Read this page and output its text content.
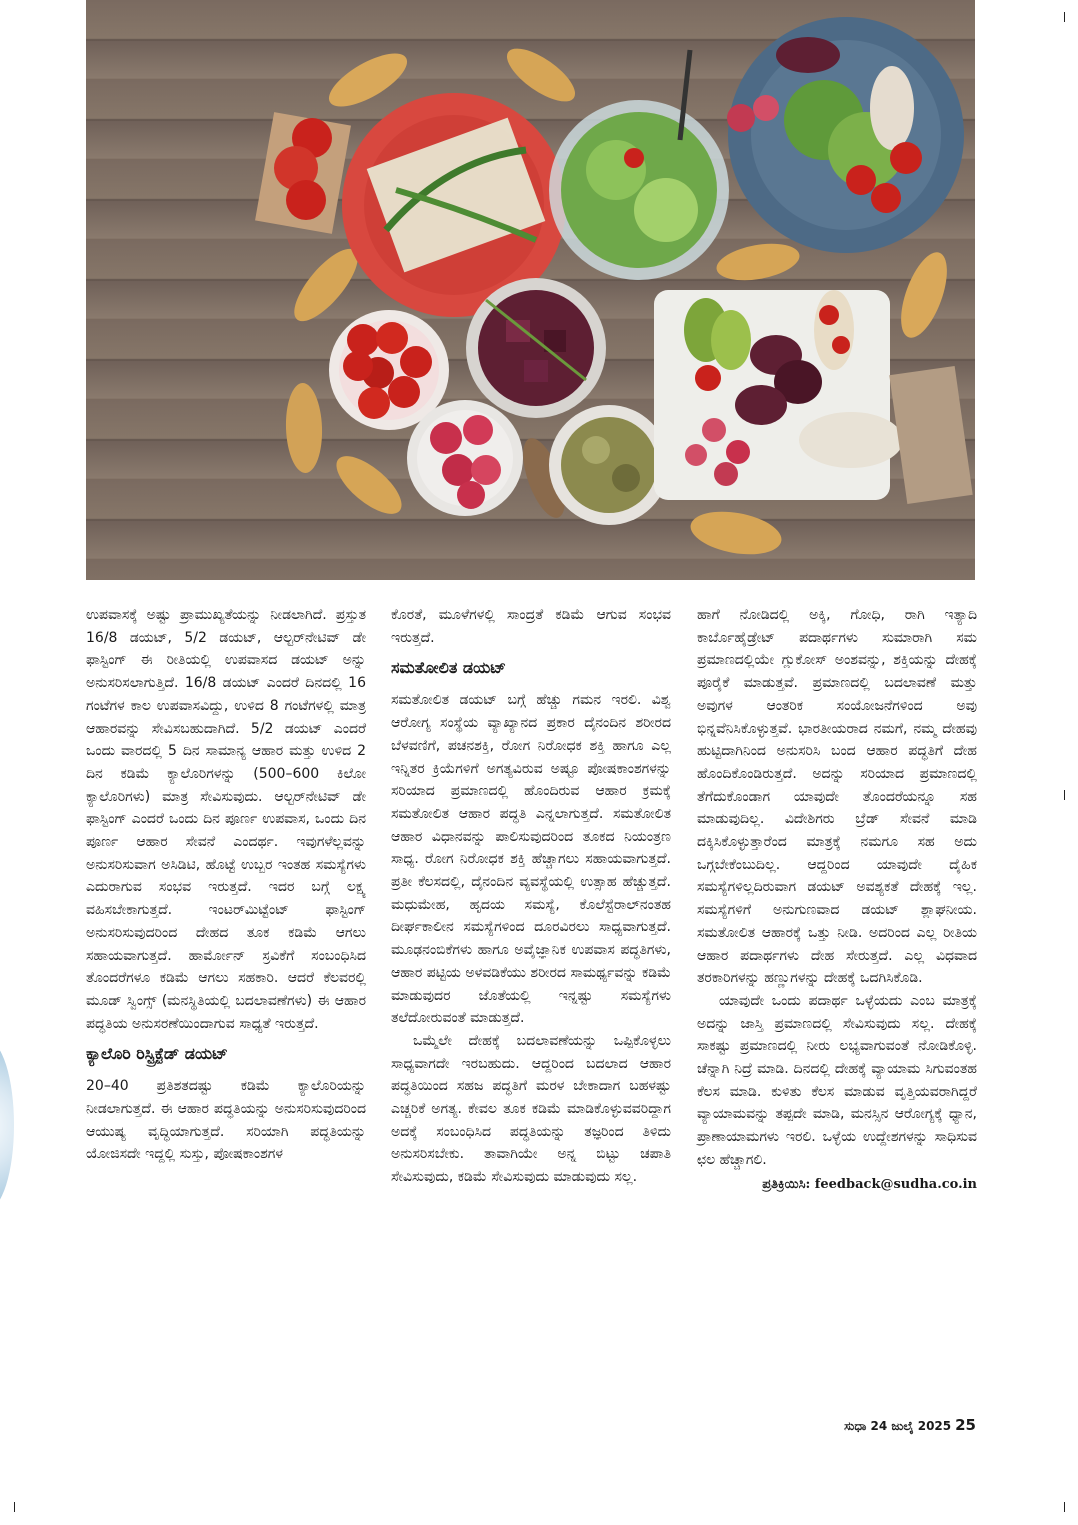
ಉಪವಾಸಕ್ಕೆ ಅಷ್ಟು ಪ್ರಾಮುಖ್ಯತೆಯನ್ನು ನೀಡಲಾಗಿದೆ. ಪ್ರಸ್ತುತ 16/8 ಡಯಟ್, 5/2 ಡಯಟ್, ಆಲ್ಟರ್‌ನೇಟಿವ್ ಡೇ ಫಾಸ್ಟಿಂಗ್ ಈ ರೀತಿಯಲ್ಲಿ ಉಪವಾಸದ ಡಯಟ್ ಅನ್ನು ಅನುಸರಿಸಲಾಗುತ್ತಿದೆ. 16/8 ಡಯಟ್ ಎಂದರೆ ದಿನದಲ್ಲಿ 16 ಗಂಟೆಗಳ ಕಾಲ ಉಪವಾಸವಿದ್ದು, ಉಳಿದ 8 ಗಂಟೆಗಳಲ್ಲಿ ಮಾತ್ರ ಆಹಾರವನ್ನು ಸೇವಿಸಬಹುದಾಗಿದೆ. 5/2 ಡಯಟ್ ಎಂದರೆ ಒಂದು ವಾರದಲ್ಲಿ 5 ದಿನ ಸಾಮಾನ್ಯ ಆಹಾರ ಮತ್ತು ಉಳಿದ 2 ದಿನ ಕಡಿಮೆ ಕ್ಯಾಲೊರಿಗಳನ್ನು (500–600 ಕಿಲೋ ಕ್ಯಾಲೊರಿಗಳು) ಮಾತ್ರ ಸೇವಿಸುವುದು. ಆಲ್ಟರ್‌ನೇಟಿವ್ ಡೇ ಫಾಸ್ಟಿಂಗ್ ಎಂದರೆ ಒಂದು ದಿನ ಪೂರ್ಣ ಉಪವಾಸ, ಒಂದು ದಿನ ಪೂರ್ಣ ಆಹಾರ ಸೇವನೆ ಎಂದರ್ಥ. ಇವುಗಳೆಲ್ಲವನ್ನು ಅನುಸರಿಸುವಾಗ ಅಸಿಡಿಟಿ, ಹೊಟ್ಟೆ ಉಬ್ಬರ ಇಂತಹ ಸಮಸ್ಯೆಗಳು ಎದುರಾಗುವ ಸಂಭವ ಇರುತ್ತದೆ. ಇದರ ಬಗ್ಗೆ ಲಕ್ಷ್ಯ ವಹಿಸಬೇಕಾಗುತ್ತದೆ. ಇಂಟರ್‌ಮಿಟ್ಟೆಂಟ್ ಫಾಸ್ಟಿಂಗ್ ಅನುಸರಿಸುವುದರಿಂದ ದೇಹದ ತೂಕ ಕಡಿಮೆ ಆಗಲು ಸಹಾಯವಾಗುತ್ತದೆ. ಹಾರ್ಮೋನ್ ಸ್ರವಿಕೆಗೆ ಸಂಬಂಧಿಸಿದ ತೊಂದರೆಗಳೂ ಕಡಿಮೆ ಆಗಲು ಸಹಕಾರಿ. ಆದರೆ ಕೆಲವರಲ್ಲಿ ಮೂಡ್ ಸ್ವಿಂಗ್ಸ್ (ಮನಸ್ಥಿತಿಯಲ್ಲಿ ಬದಲಾವಣೆಗಳು) ಈ ಆಹಾರ ಪದ್ಧತಿಯ ಅನುಸರಣೆಯಿಂದಾಗುವ ಸಾಧ್ಯತೆ ಇರುತ್ತದೆ.

ಕ್ಯಾಲೊರಿ ರಿಸ್ಟ್ರಿಕ್ಟೆಡ್ ಡಯಟ್

20–40 ಪ್ರತಿಶತದಷ್ಟು ಕಡಿಮೆ ಕ್ಯಾಲೊರಿಯನ್ನು ನೀಡಲಾಗುತ್ತದೆ. ಈ ಆಹಾರ ಪದ್ಧತಿಯನ್ನು ಅನುಸರಿಸುವುದರಿಂದ ಆಯುಷ್ಯ ವೃದ್ಧಿಯಾಗುತ್ತದೆ. ಸರಿಯಾಗಿ ಪದ್ಧತಿಯನ್ನು ಯೋಜಿಸದೇ ಇದ್ದಲ್ಲಿ ಸುಸ್ತು, ಪೋಷಕಾಂಶಗಳ

ಕೊರತೆ, ಮೂಳೆಗಳಲ್ಲಿ ಸಾಂದ್ರತೆ ಕಡಿಮೆ ಆಗುವ ಸಂಭವ ಇರುತ್ತದೆ.

ಸಮತೋಲಿತ ಡಯಟ್

ಸಮತೋಲಿತ ಡಯಟ್ ಬಗ್ಗೆ ಹೆಚ್ಚು ಗಮನ ಇರಲಿ. ವಿಶ್ವ ಆರೋಗ್ಯ ಸಂಸ್ಥೆಯ ವ್ಯಾಖ್ಯಾನದ ಪ್ರಕಾರ ದೈನಂದಿನ ಶರೀರದ ಬೆಳವಣಿಗೆ, ಪಚನಶಕ್ತಿ, ರೋಗ ನಿರೋಧಕ ಶಕ್ತಿ ಹಾಗೂ ಎಲ್ಲ ಇನ್ನಿತರ ಕ್ರಿಯೆಗಳಿಗೆ ಅಗತ್ಯವಿರುವ ಅಷ್ಟೂ ಪೋಷಕಾಂಶಗಳನ್ನು ಸರಿಯಾದ ಪ್ರಮಾಣದಲ್ಲಿ ಹೊಂದಿರುವ ಆಹಾರ ಕ್ರಮಕ್ಕೆ ಸಮತೋಲಿತ ಆಹಾರ ಪದ್ಧತಿ ಎನ್ನಲಾಗುತ್ತದೆ. ಸಮತೋಲಿತ ಆಹಾರ ವಿಧಾನವನ್ನು ಪಾಲಿಸುವುದರಿಂದ ತೂಕದ ನಿಯಂತ್ರಣ ಸಾಧ್ಯ. ರೋಗ ನಿರೋಧಕ ಶಕ್ತಿ ಹೆಚ್ಚಾಗಲು ಸಹಾಯವಾಗುತ್ತದೆ. ಪ್ರತೀ ಕೆಲಸದಲ್ಲಿ, ದೈನಂದಿನ ವ್ಯವಸ್ಥೆಯಲ್ಲಿ ಉತ್ಸಾಹ ಹೆಚ್ಚುತ್ತದೆ. ಮಧುಮೇಹ, ಹೃದಯ ಸಮಸ್ಯೆ, ಕೊಲೆಸ್ಟೆರಾಲ್‌ನಂತಹ ದೀರ್ಘಕಾಲೀನ ಸಮಸ್ಯೆಗಳಿಂದ ದೂರವಿರಲು ಸಾಧ್ಯವಾಗುತ್ತದೆ. ಮೂಢನಂಬಿಕೆಗಳು ಹಾಗೂ ಅವೈಜ್ಞಾನಿಕ ಉಪವಾಸ ಪದ್ಧತಿಗಳು, ಆಹಾರ ಪಟ್ಟಿಯ ಅಳವಡಿಕೆಯು ಶರೀರದ ಸಾಮರ್ಥ್ಯವನ್ನು ಕಡಿಮೆ ಮಾಡುವುದರ ಜೊತೆಯಲ್ಲಿ ಇನ್ನಷ್ಟು ಸಮಸ್ಯೆಗಳು ತಲೆದೋರುವಂತೆ ಮಾಡುತ್ತದೆ.

ಒಮ್ಮೆಲೇ ದೇಹಕ್ಕೆ ಬದಲಾವಣೆಯನ್ನು ಒಪ್ಪಿಕೊಳ್ಳಲು ಸಾಧ್ಯವಾಗದೇ ಇರಬಹುದು. ಆದ್ದರಿಂದ ಬದಲಾದ ಆಹಾರ ಪದ್ಧತಿಯಿಂದ ಸಹಜ ಪದ್ಧತಿಗೆ ಮರಳ ಬೇಕಾದಾಗ ಬಹಳಷ್ಟು ಎಚ್ಚರಿಕೆ ಅಗತ್ಯ. ಕೇವಲ ತೂಕ ಕಡಿಮೆ ಮಾಡಿಕೊಳ್ಳುವವರಿದ್ದಾಗ ಅದಕ್ಕೆ ಸಂಬಂಧಿಸಿದ ಪದ್ಧತಿಯನ್ನು ತಜ್ಞರಿಂದ ತಿಳಿದು ಅನುಸರಿಸಬೇಕು. ತಾವಾಗಿಯೇ ಅನ್ನ ಬಿಟ್ಟು ಚಪಾತಿ ಸೇವಿಸುವುದು, ಕಡಿಮೆ ಸೇವಿಸುವುದು ಮಾಡುವುದು ಸಲ್ಲ.

ಹಾಗೆ ನೋಡಿದಲ್ಲಿ ಅಕ್ಕಿ, ಗೋಧಿ, ರಾಗಿ ಇತ್ಯಾದಿ ಕಾರ್ಬೊಹೈಡ್ರೇಟ್ ಪದಾರ್ಥಗಳು ಸುಮಾರಾಗಿ ಸಮ ಪ್ರಮಾಣದಲ್ಲಿಯೇ ಗ್ಲುಕೋಸ್ ಅಂಶವನ್ನು, ಶಕ್ತಿಯನ್ನು ದೇಹಕ್ಕೆ ಪೂರೈಕೆ ಮಾಡುತ್ತವೆ. ಪ್ರಮಾಣದಲ್ಲಿ ಬದಲಾವಣೆ ಮತ್ತು ಅವುಗಳ ಆಂತರಿಕ ಸಂಯೋಜನೆಗಳಿಂದ ಅವು ಭಿನ್ನವೆನಿಸಿಕೊಳ್ಳುತ್ತವೆ. ಭಾರತೀಯರಾದ ನಮಗೆ, ನಮ್ಮ ದೇಹವು ಹುಟ್ಟಿದಾಗಿನಿಂದ ಅನುಸರಿಸಿ ಬಂದ ಆಹಾರ ಪದ್ಧತಿಗೆ ದೇಹ ಹೊಂದಿಕೊಂಡಿರುತ್ತದೆ. ಅದನ್ನು ಸರಿಯಾದ ಪ್ರಮಾಣದಲ್ಲಿ ತೆಗೆದುಕೊಂಡಾಗ ಯಾವುದೇ ತೊಂದರೆಯನ್ನೂ ಸಹ ಮಾಡುವುದಿಲ್ಲ. ವಿದೇಶಿಗರು ಬ್ರೆಡ್ ಸೇವನೆ ಮಾಡಿ ದಕ್ಕಿಸಿಕೊಳ್ಳುತ್ತಾರೆಂದ ಮಾತ್ರಕ್ಕೆ ನಮಗೂ ಸಹ ಅದು ಒಗ್ಗಬೇಕೆಂಬುದಿಲ್ಲ. ಆದ್ದರಿಂದ ಯಾವುದೇ ದೈಹಿಕ ಸಮಸ್ಯೆಗಳಿಲ್ಲದಿರುವಾಗ ಡಯಟ್ ಅವಶ್ಯಕತೆ ದೇಹಕ್ಕೆ ಇಲ್ಲ. ಸಮಸ್ಯೆಗಳಿಗೆ ಅನುಗುಣವಾದ ಡಯಟ್ ಶ್ಲಾಘನೀಯ. ಸಮತೋಲಿತ ಆಹಾರಕ್ಕೆ ಒತ್ತು ನೀಡಿ. ಅದರಿಂದ ಎಲ್ಲ ರೀತಿಯ ಆಹಾರ ಪದಾರ್ಥಗಳು ದೇಹ ಸೇರುತ್ತದೆ. ಎಲ್ಲ ವಿಧವಾದ ತರಕಾರಿಗಳನ್ನು ಹಣ್ಣುಗಳನ್ನು ದೇಹಕ್ಕೆ ಒದಗಿಸಿಕೊಡಿ.

ಯಾವುದೇ ಒಂದು ಪದಾರ್ಥ ಒಳ್ಳೆಯದು ಎಂಬ ಮಾತ್ರಕ್ಕೆ ಅದನ್ನು ಜಾಸ್ತಿ ಪ್ರಮಾಣದಲ್ಲಿ ಸೇವಿಸುವುದು ಸಲ್ಲ. ದೇಹಕ್ಕೆ ಸಾಕಷ್ಟು ಪ್ರಮಾಣದಲ್ಲಿ ನೀರು ಲಭ್ಯವಾಗುವಂತೆ ನೋಡಿಕೊಳ್ಳಿ. ಚೆನ್ನಾಗಿ ನಿದ್ರೆ ಮಾಡಿ. ದಿನದಲ್ಲಿ ದೇಹಕ್ಕೆ ವ್ಯಾಯಾಮ ಸಿಗುವಂತಹ ಕೆಲಸ ಮಾಡಿ. ಕುಳಿತು ಕೆಲಸ ಮಾಡುವ ವೃತ್ತಿಯವರಾಗಿದ್ದರೆ ವ್ಯಾಯಾಮವನ್ನು ತಪ್ಪದೇ ಮಾಡಿ, ಮನಸ್ಸಿನ ಆರೋಗ್ಯಕ್ಕೆ ಧ್ಯಾನ, ಪ್ರಾಣಾಯಾಮಗಳು ಇರಲಿ. ಒಳ್ಳೆಯ ಉದ್ದೇಶಗಳನ್ನು ಸಾಧಿಸುವ ಛಲ ಹೆಚ್ಚಾಗಲಿ.

ಪ್ರತಿಕ್ರಿಯಿಸಿ: feedback@sudha.co.in
ಸುಧಾ 24 ಜುಲೈ 2025 25
